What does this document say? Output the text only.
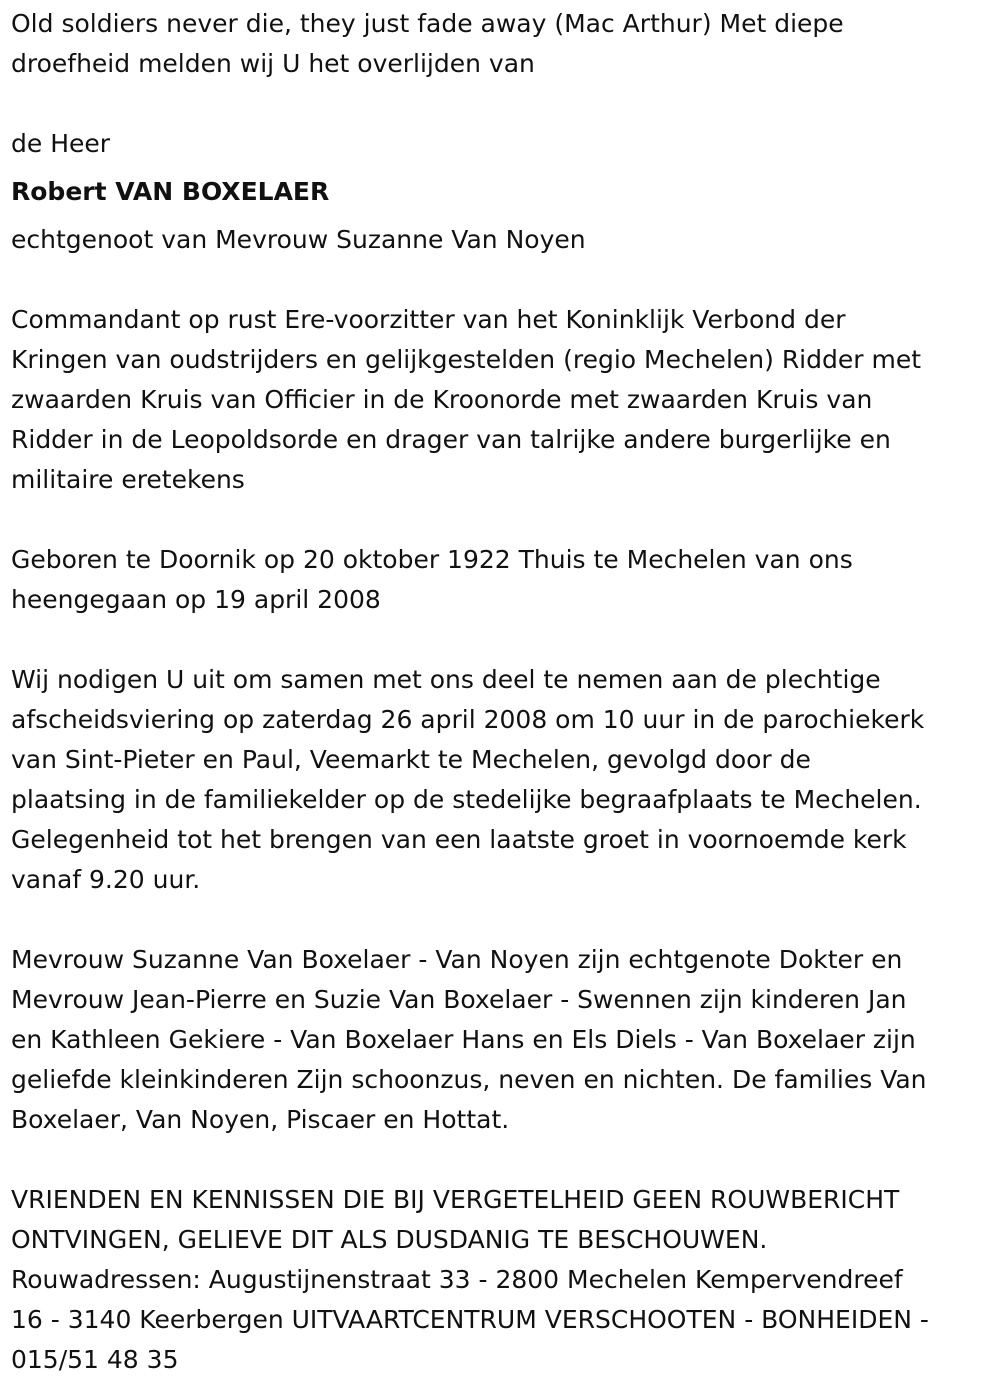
Old soldiers never die, they just fade away (Mac Arthur) Met diepe
droefheid melden wij U het overlijden van
de Heer
Robert VAN BOXELAER
echtgenoot van Mevrouw Suzanne Van Noyen
Commandant op rust Ere-voorzitter van het Koninklijk Verbond der
Kringen van oudstrijders en gelijkgestelden (regio Mechelen) Ridder met
zwaarden Kruis van Officier in de Kroonorde met zwaarden Kruis van
Ridder in de Leopoldsorde en drager van talrijke andere burgerlijke en
militaire eretekens
Geboren te Doornik op 20 oktober 1922 Thuis te Mechelen van ons
heengegaan op 19 april 2008
Wij nodigen U uit om samen met ons deel te nemen aan de plechtige
afscheidsviering op zaterdag 26 april 2008 om 10 uur in de parochiekerk
van Sint-Pieter en Paul, Veemarkt te Mechelen, gevolgd door de
plaatsing in de familiekelder op de stedelijke begraafplaats te Mechelen.
Gelegenheid tot het brengen van een laatste groet in voornoemde kerk
vanaf 9.20 uur.
Mevrouw Suzanne Van Boxelaer - Van Noyen zijn echtgenote Dokter en
Mevrouw Jean-Pierre en Suzie Van Boxelaer - Swennen zijn kinderen Jan
en Kathleen Gekiere - Van Boxelaer Hans en Els Diels - Van Boxelaer zijn
geliefde kleinkinderen Zijn schoonzus, neven en nichten. De families Van
Boxelaer, Van Noyen, Piscaer en Hottat.
VRIENDEN EN KENNISSEN DIE BIJ VERGETELHEID GEEN ROUWBERICHT
ONTVINGEN, GELIEVE DIT ALS DUSDANIG TE BESCHOUWEN.
Rouwadressen: Augustijnenstraat 33 - 2800 Mechelen Kempervendreef
16 - 3140 Keerbergen UITVAARTCENTRUM VERSCHOOTEN - BONHEIDEN -
015/51 48 35
